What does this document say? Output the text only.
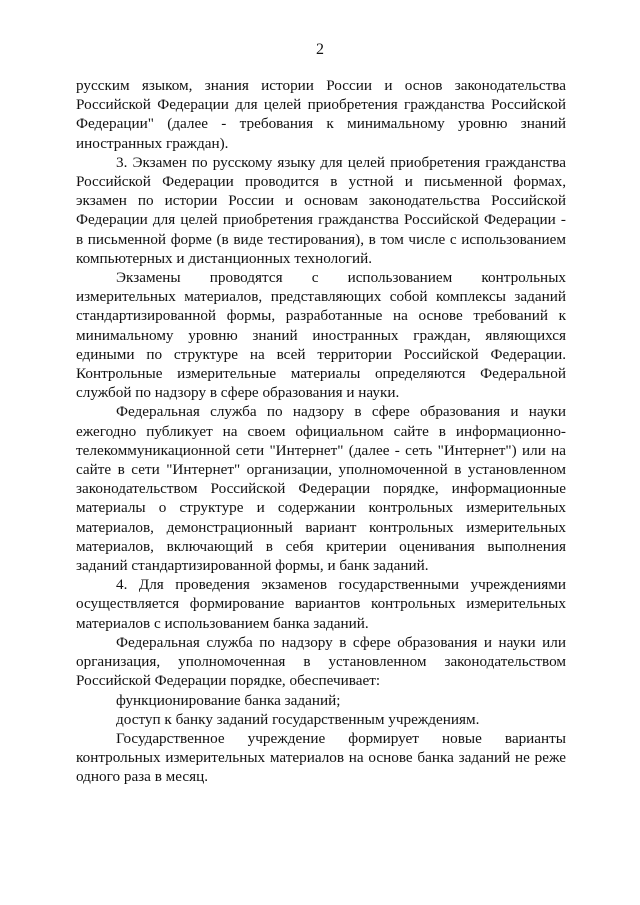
2

русским языком, знания истории России и основ законодательства Российской Федерации для целей приобретения гражданства Российской Федерации" (далее - требования к минимальному уровню знаний иностранных граждан).

3. Экзамен по русскому языку для целей приобретения гражданства Российской Федерации проводится в устной и письменной формах, экзамен по истории России и основам законодательства Российской Федерации для целей приобретения гражданства Российской Федерации - в письменной форме (в виде тестирования), в том числе с использованием компьютерных и дистанционных технологий.

Экзамены проводятся с использованием контрольных измерительных материалов, представляющих собой комплексы заданий стандартизированной формы, разработанные на основе требований к минимальному уровню знаний иностранных граждан, являющихся едиными по структуре на всей территории Российской Федерации. Контрольные измерительные материалы определяются Федеральной службой по надзору в сфере образования и науки.

Федеральная служба по надзору в сфере образования и науки ежегодно публикует на своем официальном сайте в информационно-телекоммуникационной сети "Интернет" (далее - сеть "Интернет") или на сайте в сети "Интернет" организации, уполномоченной в установленном законодательством Российской Федерации порядке, информационные материалы о структуре и содержании контрольных измерительных материалов, демонстрационный вариант контрольных измерительных материалов, включающий в себя критерии оценивания выполнения заданий стандартизированной формы, и банк заданий.

4. Для проведения экзаменов государственными учреждениями осуществляется формирование вариантов контрольных измерительных материалов с использованием банка заданий.

Федеральная служба по надзору в сфере образования и науки или организация, уполномоченная в установленном законодательством Российской Федерации порядке, обеспечивает:

функционирование банка заданий;

доступ к банку заданий государственным учреждениям.

Государственное учреждение формирует новые варианты контрольных измерительных материалов на основе банка заданий не реже одного раза в месяц.
